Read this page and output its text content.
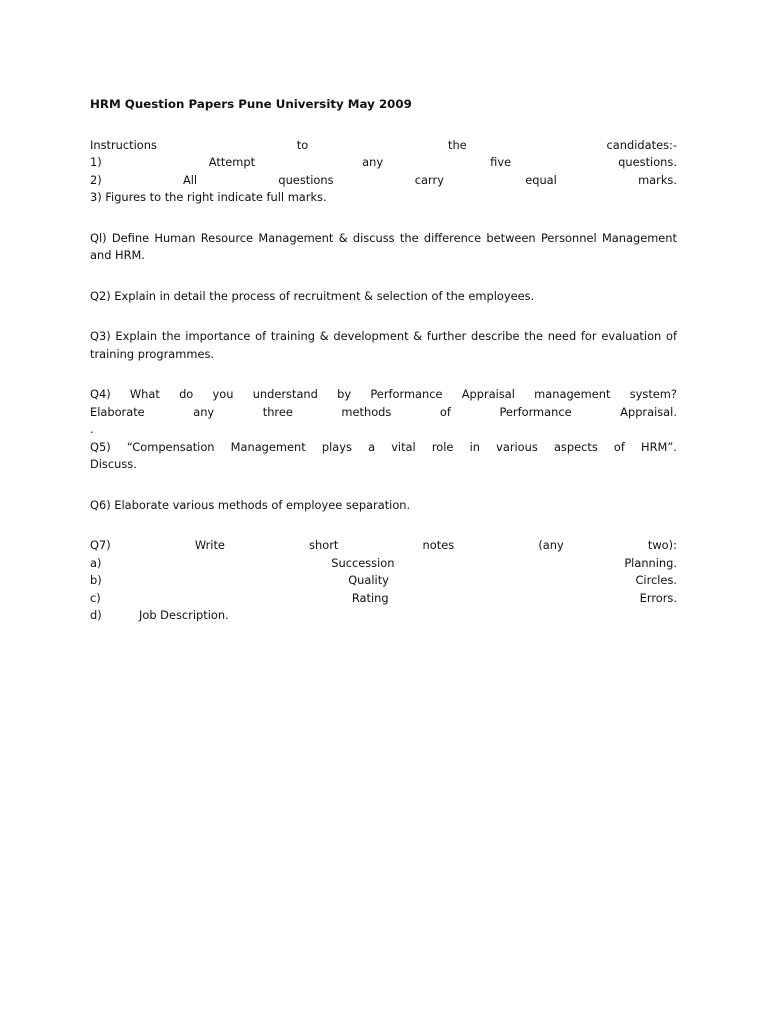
HRM Question Papers Pune University May 2009
Instructions	to	the	candidates:-
1)	Attempt	any	five	questions.
2)	All	questions	carry	equal	marks.
3) Figures to the right indicate full marks.

Ql) Define Human Resource Management & discuss the difference between Personnel Management and HRM.

Q2) Explain in detail the process of recruitment & selection of the employees.

Q3) Explain the importance of training & development & further describe the need for evaluation of training programmes.

Q4) What do you understand by Performance Appraisal management system?
Elaborate	any	three	methods	of	Performance	Appraisal.
.
Q5) “Compensation Management plays a vital role in various aspects of HRM”.
Discuss.
Q6) Elaborate various methods of employee separation.
Q7)	Write	short	notes	(any	two):
a)	Succession	Planning.
b)	Quality	Circles.
c)	Rating	Errors.
d)	Job Description.
